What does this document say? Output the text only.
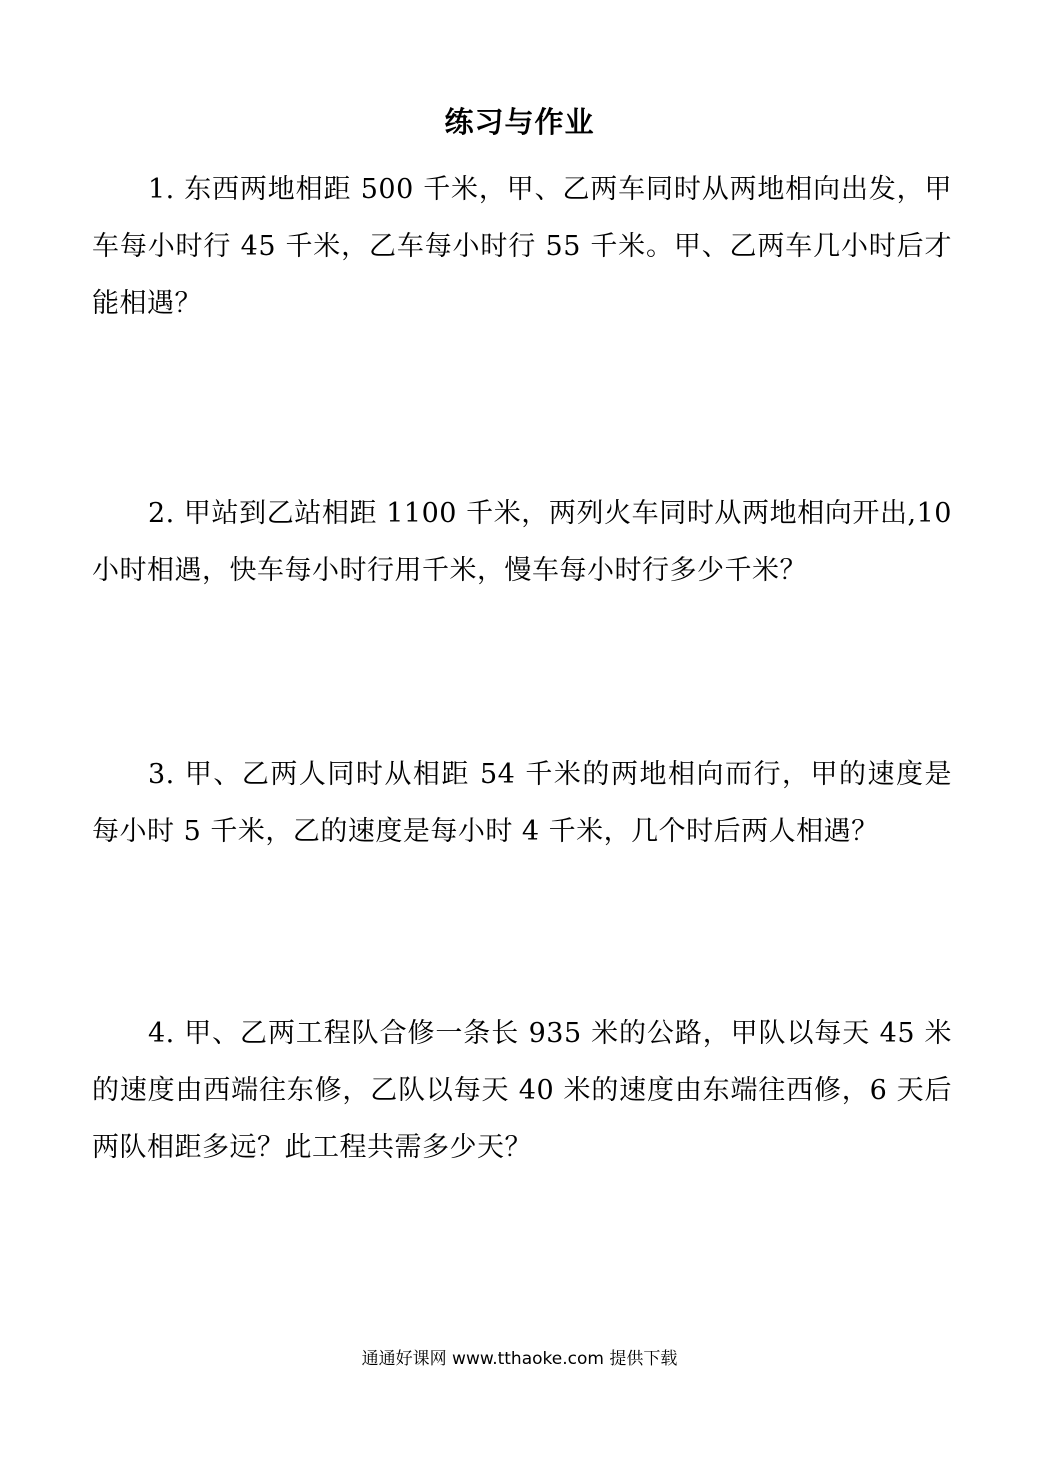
练习与作业
1. 东西两地相距 500 千米，甲、乙两车同时从两地相向出发，甲车每小时行 45 千米，乙车每小时行 55 千米。甲、乙两车几小时后才能相遇？
2. 甲站到乙站相距 1100 千米，两列火车同时从两地相向开出,10 小时相遇，快车每小时行用千米，慢车每小时行多少千米？
3. 甲、乙两人同时从相距 54 千米的两地相向而行，甲的速度是每小时 5 千米，乙的速度是每小时 4 千米，几个时后两人相遇？
4. 甲、乙两工程队合修一条长 935 米的公路，甲队以每天 45 米的速度由西端往东修，乙队以每天 40 米的速度由东端往西修，6 天后两队相距多远？此工程共需多少天？
通通好课网 www.tthaoke.com 提供下载
